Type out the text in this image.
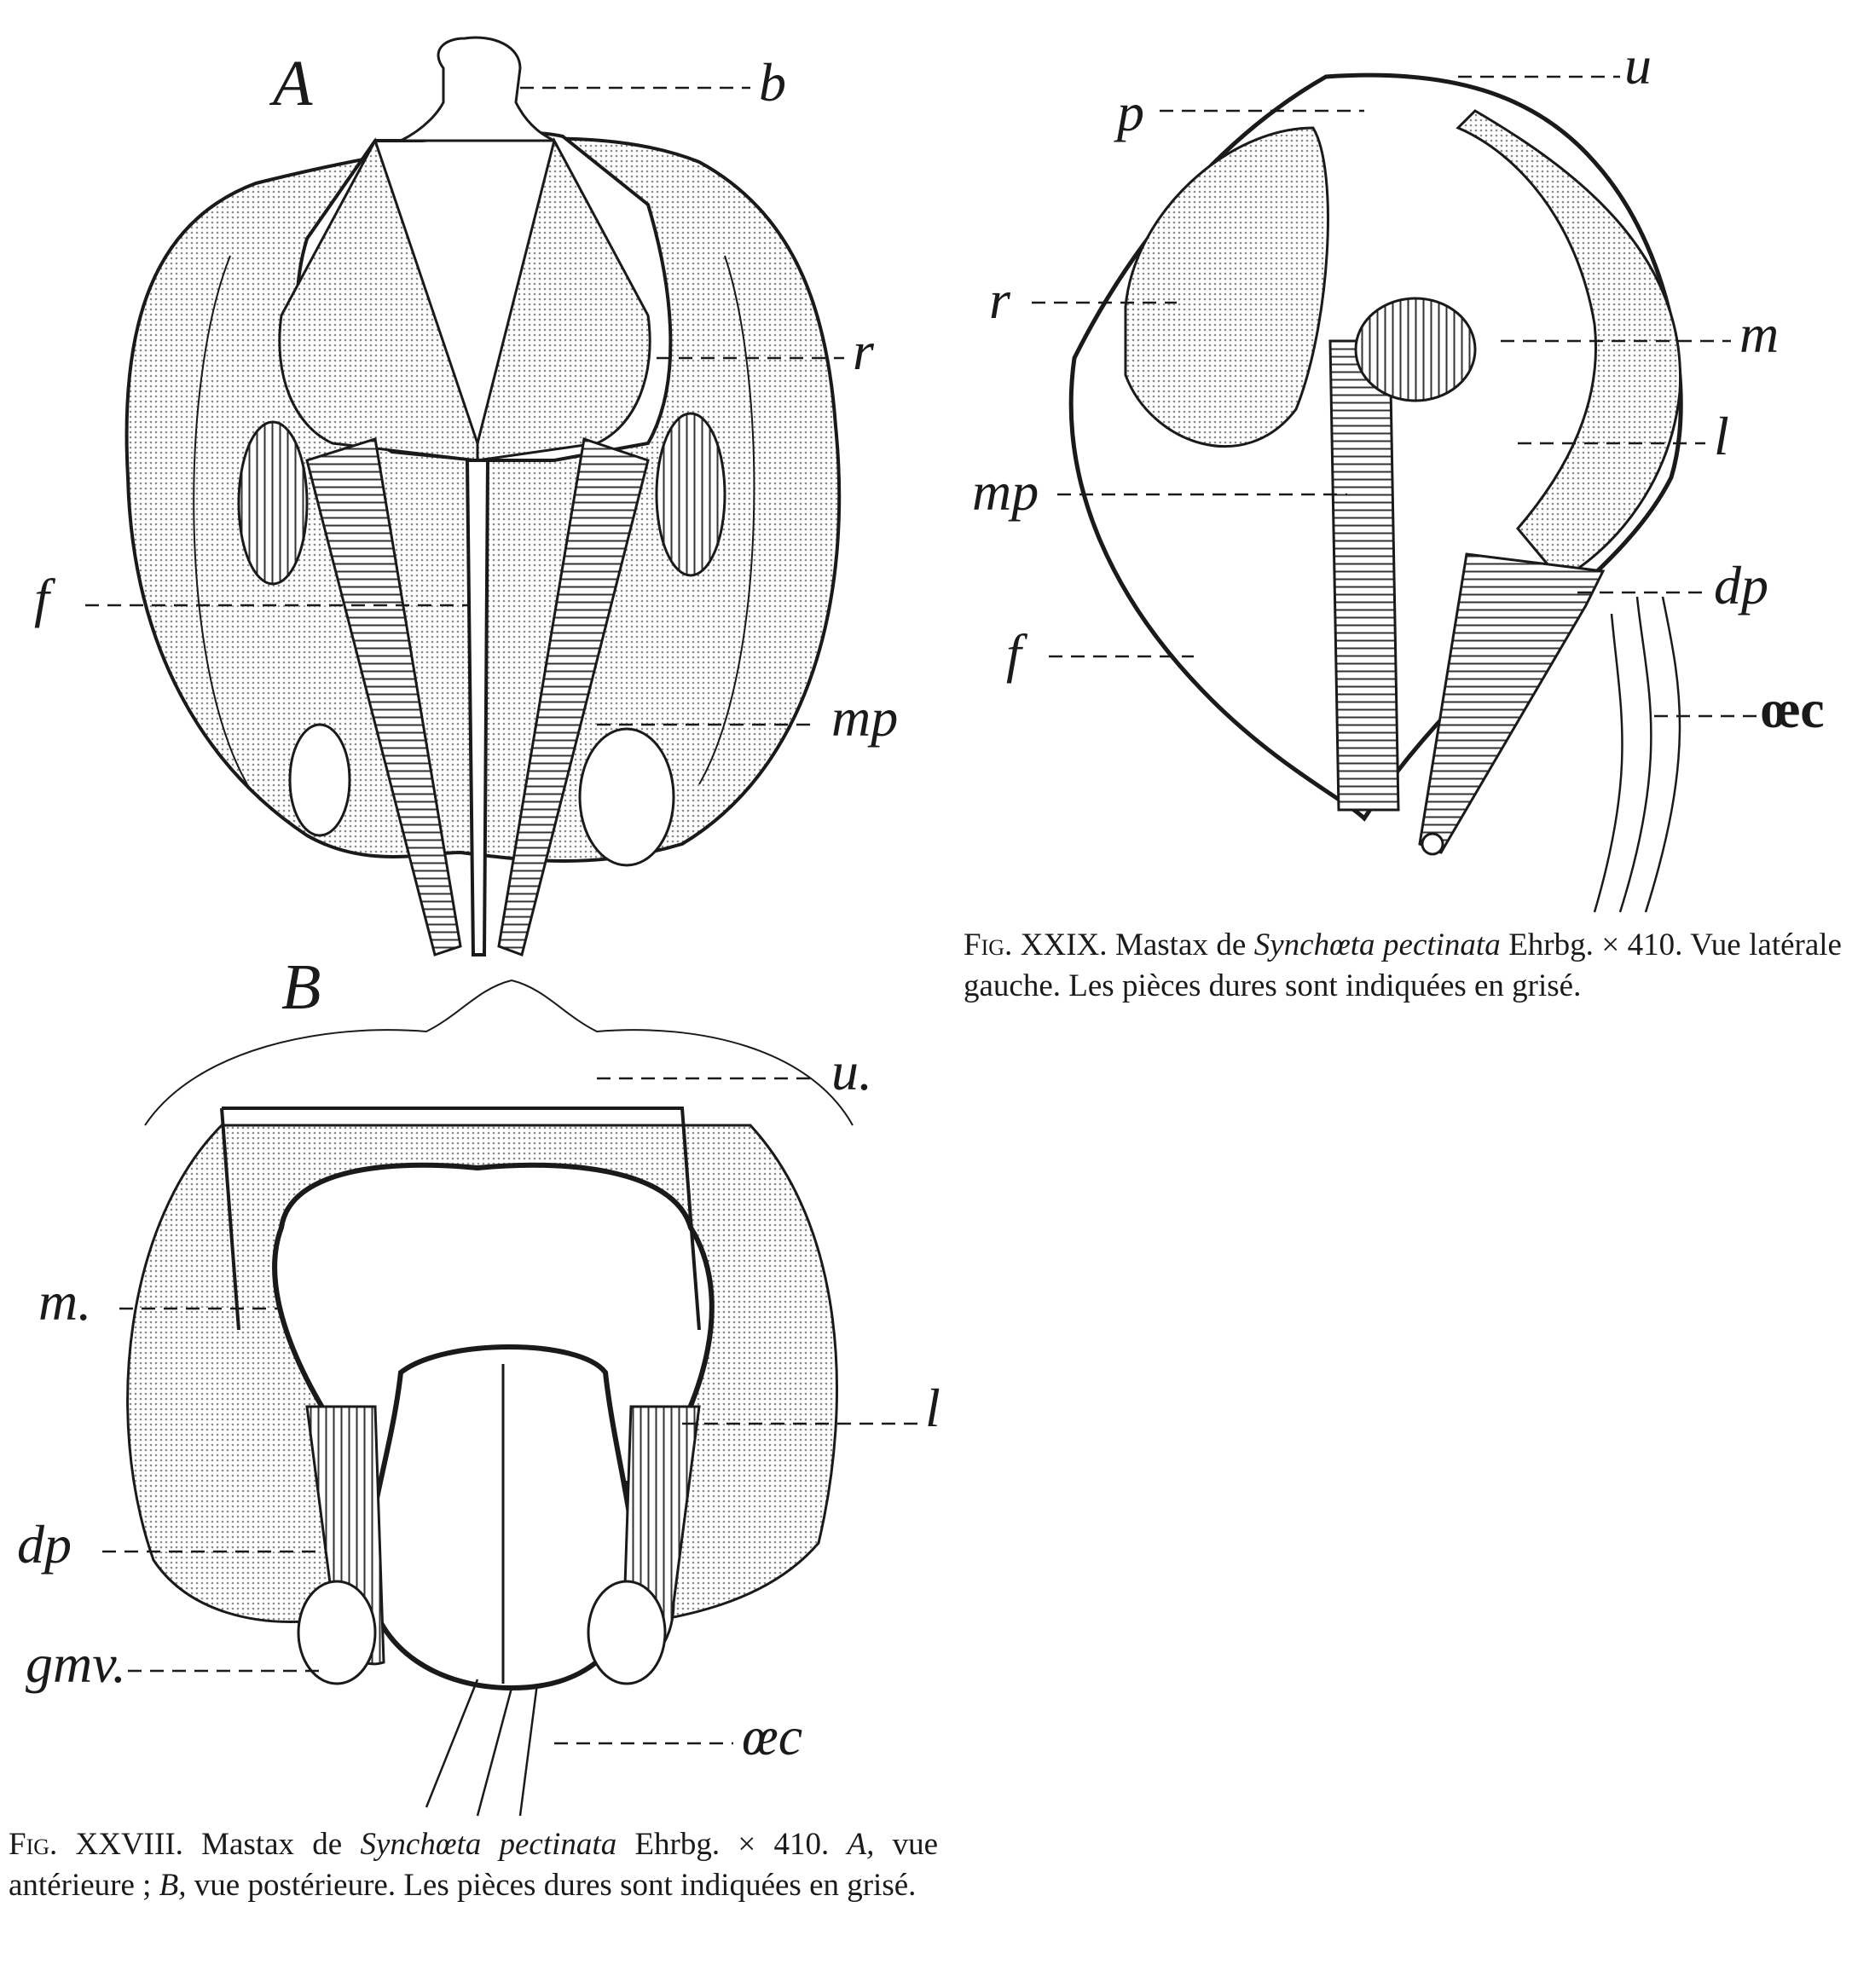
A	b
r
f
mp
B
u.
m.
l
dp
gmv.
œc
u
p
r
m
l
mp
dp
f
œc
Fig. XXVIII. Mastax de Synchœta pectinata Ehrbg. × 410. A, vue antérieure ; B, vue postérieure. Les pièces dures sont indiquées en grisé.
Fig. XXIX. Mastax de Synchœta pectinata Ehrbg. × 410. Vue latérale gauche. Les pièces dures sont indiquées en grisé.
